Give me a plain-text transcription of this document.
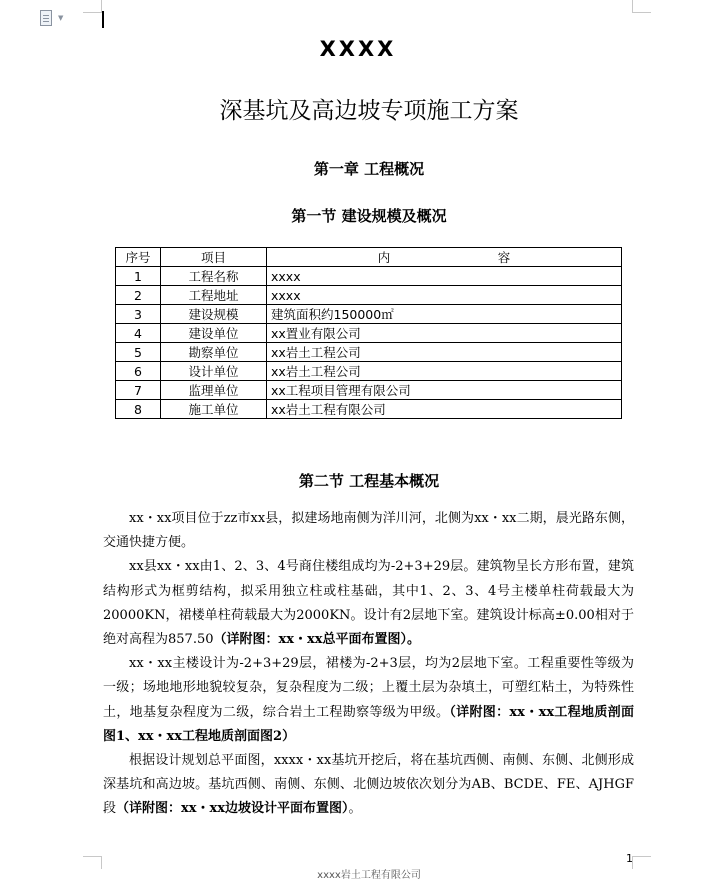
▼
XXXX
深基坑及高边坡专项施工方案
第一章 工程概况
第一节 建设规模及概况
序号	项目	内 容
1	工程名称	xxxx
2	工程地址	xxxx
3	建设规模	建筑面积约150000㎡
4	建设单位	xx置业有限公司
5	勘察单位	xx岩土工程公司
6	设计单位	xx岩土工程公司
7	监理单位	xx工程项目管理有限公司
8	施工单位	xx岩土工程有限公司
第二节 工程基本概况

xx・xx项目位于zz市xx县，拟建场地南侧为洋川河，北侧为xx・xx二期，晨光路东侧，交通快捷方便。

xx县xx・xx由1、2、3、4号商住楼组成均为-2+3+29层。建筑物呈长方形布置，建筑结构形式为框剪结构，拟采用独立柱或柱基础，其中1、2、3、4号主楼单柱荷载最大为20000KN，裙楼单柱荷载最大为2000KN。设计有2层地下室。建筑设计标高±0.00相对于绝对高程为857.50（详附图：xx・xx总平面布置图）。

xx・xx主楼设计为-2+3+29层，裙楼为-2+3层，均为2层地下室。工程重要性等级为一级；场地地形地貌较复杂，复杂程度为二级；上覆土层为杂填土，可塑红粘土，为特殊性土，地基复杂程度为二级，综合岩土工程勘察等级为甲级。（详附图：xx・xx工程地质剖面图1、xx・xx工程地质剖面图2）

根据设计规划总平面图，xxxx・xx基坑开挖后，将在基坑西侧、南侧、东侧、北侧形成深基坑和高边坡。基坑西侧、南侧、东侧、北侧边坡依次划分为AB、BCDE、FE、AJHGF段（详附图：xx・xx边坡设计平面布置图）。

1
xxxx岩土工程有限公司
